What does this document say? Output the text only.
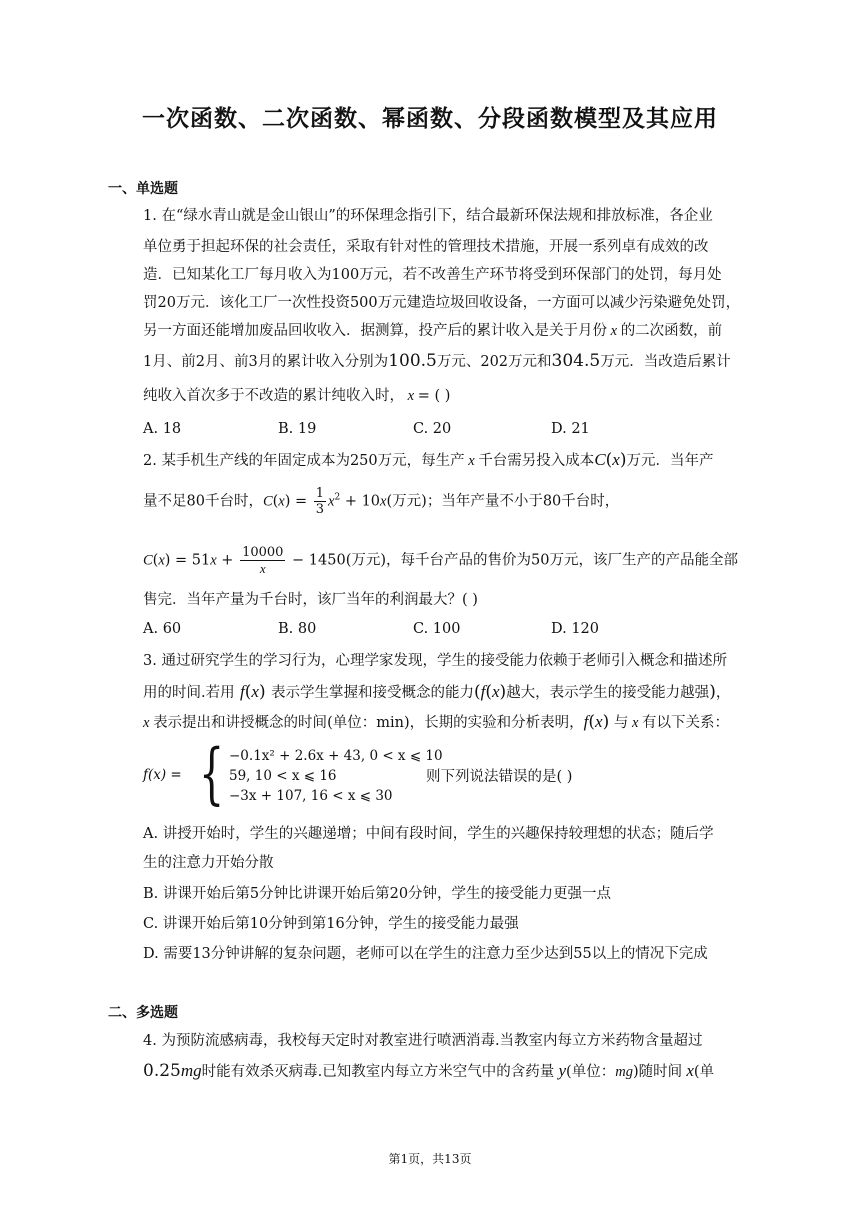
一次函数、二次函数、幂函数、分段函数模型及其应用
一、单选题
1. 在“绿水青山就是金山银山”的环保理念指引下，结合最新环保法规和排放标准，各企业
单位勇于担起环保的社会责任，采取有针对性的管理技术措施，开展一系列卓有成效的改
造．已知某化工厂每月收入为100万元，若不改善生产环节将受到环保部门的处罚，每月处
罚20万元．该化工厂一次性投资500万元建造垃圾回收设备，一方面可以减少污染避免处罚，
另一方面还能增加废品回收收入．据测算，投产后的累计收入是关于月份 x 的二次函数，前
1月、前2月、前3月的累计收入分别为100.5万元、202万元和304.5万元．当改造后累计
纯收入首次多于不改造的累计纯收入时， x = ( )
A. 18	B. 19	C. 20	D. 21
2. 某手机生产线的年固定成本为250万元，每生产 x 千台需另投入成本C(x)万元．当年产
量不足80千台时，$C(x) = \frac{1}{3} x^2 + 10x$(万元)；当年产量不小于80千台时，
$C(x) = 51x + \frac{10000}{x} - 1450$(万元)，每千台产品的售价为50万元，该厂生产的产品能全部
售完．当年产量为千台时，该厂当年的利润最大？( )
A. 60	B. 80	C. 100	D. 120
3. 通过研究学生的学习行为，心理学家发现，学生的接受能力依赖于老师引入概念和描述所
用的时间.若用 f(x) 表示学生掌握和接受概念的能力(f(x)越大，表示学生的接受能力越强)，
x 表示提出和讲授概念的时间(单位：min)，长期的实验和分析表明，f(x) 与 x 有以下关系：
f(x) = { −0.1x² + 2.6x + 43, 0 < x ⩽ 10
59, 10 < x ⩽ 16
−3x + 107, 16 < x ⩽ 30
则下列说法错误的是( )
A. 讲授开始时，学生的兴趣递增；中间有段时间，学生的兴趣保持较理想的状态；随后学
生的注意力开始分散
B. 讲课开始后第5分钟比讲课开始后第20分钟，学生的接受能力更强一点
C. 讲课开始后第10分钟到第16分钟，学生的接受能力最强
D. 需要13分钟讲解的复杂问题，老师可以在学生的注意力至少达到55以上的情况下完成
二、多选题
4. 为预防流感病毒，我校每天定时对教室进行喷洒消毒.当教室内每立方米药物含量超过
0.25mg时能有效杀灭病毒.已知教室内每立方米空气中的含药量 y(单位：mg)随时间 x(单
第1页，共13页
